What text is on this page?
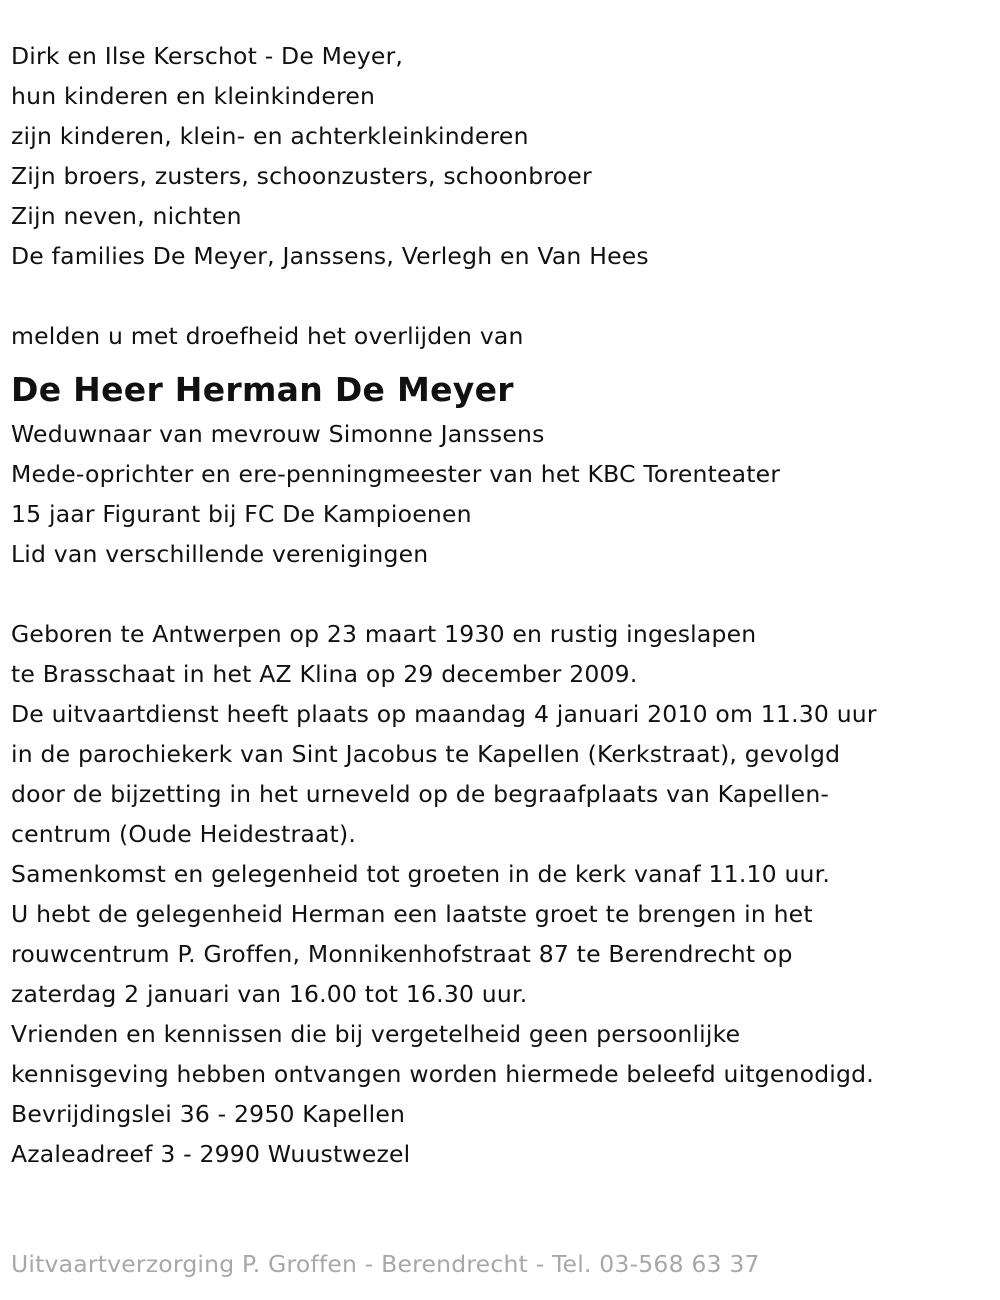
Dirk en Ilse Kerschot - De Meyer,
hun kinderen en kleinkinderen
zijn kinderen, klein- en achterkleinkinderen
Zijn broers, zusters, schoonzusters, schoonbroer
Zijn neven, nichten
De families De Meyer, Janssens, Verlegh en Van Hees
melden u met droefheid het overlijden van
De Heer Herman De Meyer
Weduwnaar van mevrouw Simonne Janssens
Mede-oprichter en ere-penningmeester van het KBC Torenteater
15 jaar Figurant bij FC De Kampioenen
Lid van verschillende verenigingen
Geboren te Antwerpen op 23 maart 1930 en rustig ingeslapen
te Brasschaat in het AZ Klina op 29 december 2009.
De uitvaartdienst heeft plaats op maandag 4 januari 2010 om 11.30 uur
in de parochiekerk van Sint Jacobus te Kapellen (Kerkstraat), gevolgd
door de bijzetting in het urneveld op de begraafplaats van Kapellen-
centrum (Oude Heidestraat).
Samenkomst en gelegenheid tot groeten in de kerk vanaf 11.10 uur.
U hebt de gelegenheid Herman een laatste groet te brengen in het
rouwcentrum P. Groffen, Monnikenhofstraat 87 te Berendrecht op
zaterdag 2 januari van 16.00 tot 16.30 uur.
Vrienden en kennissen die bij vergetelheid geen persoonlijke
kennisgeving hebben ontvangen worden hiermede beleefd uitgenodigd.
Bevrijdingslei 36 - 2950 Kapellen
Azaleadreef 3 - 2990 Wuustwezel
Uitvaartverzorging P. Groffen - Berendrecht - Tel. 03-568 63 37
